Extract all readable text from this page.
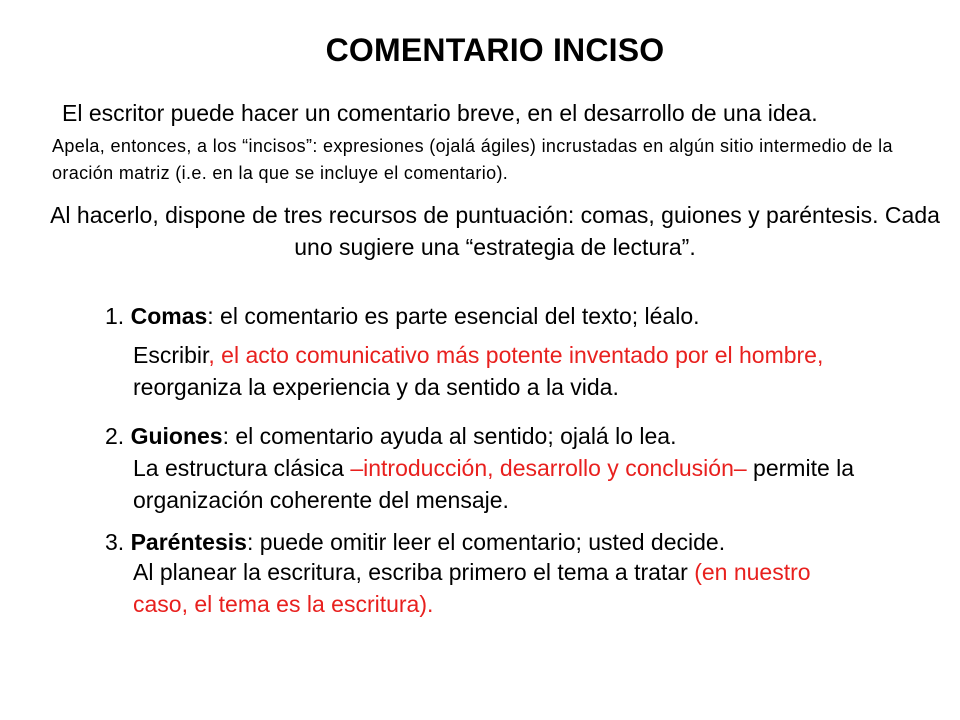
COMENTARIO INCISO
El escritor puede hacer un comentario breve, en el desarrollo de una idea.
Apela, entonces, a los “incisos”: expresiones (ojalá ágiles) incrustadas en algún sitio intermedio de la oración matriz (i.e. en la que se incluye el comentario).
Al hacerlo, dispone de tres recursos de puntuación: comas, guiones y paréntesis. Cada uno sugiere una “estrategia de lectura”.
1. Comas: el comentario es parte esencial del texto; léalo.
Escribir, el acto comunicativo más potente inventado por el hombre, reorganiza la experiencia y da sentido a la vida.
2. Guiones: el comentario ayuda al sentido; ojalá lo lea.
La estructura clásica –introducción, desarrollo y conclusión– permite la organización coherente del mensaje.
3. Paréntesis: puede omitir leer el comentario; usted decide.
Al planear la escritura, escriba primero el tema a tratar (en nuestro caso, el tema es la escritura).
